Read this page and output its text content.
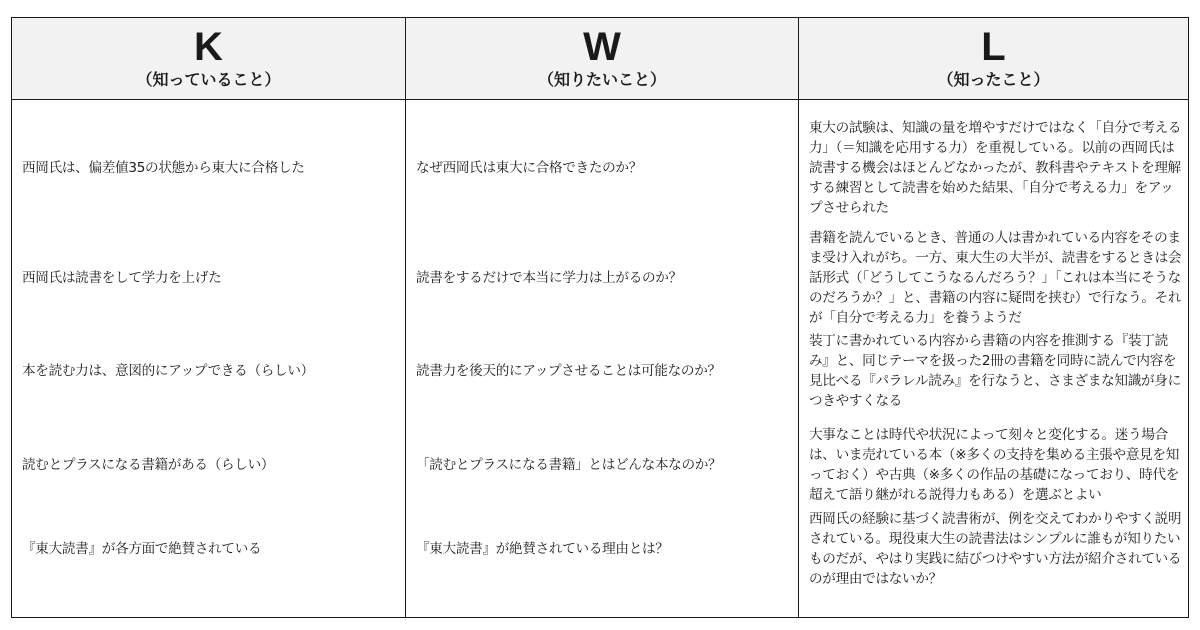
K
（知っていること）
W
（知りたいこと）
L
（知ったこと）
西岡氏は、偏差値35の状態から東大に合格した
西岡氏は読書をして学力を上げた
本を読む力は、意図的にアップできる（らしい）
読むとプラスになる書籍がある（らしい）
『東大読書』が各方面で絶賛されている
なぜ西岡氏は東大に合格できたのか？
読書をするだけで本当に学力は上がるのか？
読書力を後天的にアップさせることは可能なのか？
「読むとプラスになる書籍」とはどんな本なのか？
『東大読書』が絶賛されている理由とは？
東大の試験は、知識の量を増やすだけではなく「自分で考える力」（＝知識を応用する力）を重視している。以前の西岡氏は読書する機会はほとんどなかったが、教科書やテキストを理解する練習として読書を始めた結果、「自分で考える力」をアップさせられた
書籍を読んでいるとき、普通の人は書かれている内容をそのまま受け入れがち。一方、東大生の大半が、読書をするときは会話形式（「どうしてこうなるんだろう？」「これは本当にそうなのだろうか？」と、書籍の内容に疑問を挟む）で行なう。それが「自分で考える力」を養うようだ
装丁に書かれている内容から書籍の内容を推測する『装丁読み』と、同じテーマを扱った2冊の書籍を同時に読んで内容を見比べる『パラレル読み』を行なうと、さまざまな知識が身につきやすくなる
大事なことは時代や状況によって刻々と変化する。迷う場合は、いま売れている本（※多くの支持を集める主張や意見を知っておく）や古典（※多くの作品の基礎になっており、時代を超えて語り継がれる説得力もある）を選ぶとよい
西岡氏の経験に基づく読書術が、例を交えてわかりやすく説明されている。現役東大生の読書法はシンプルに誰もが知りたいものだが、やはり実践に結びつけやすい方法が紹介されているのが理由ではないか？
